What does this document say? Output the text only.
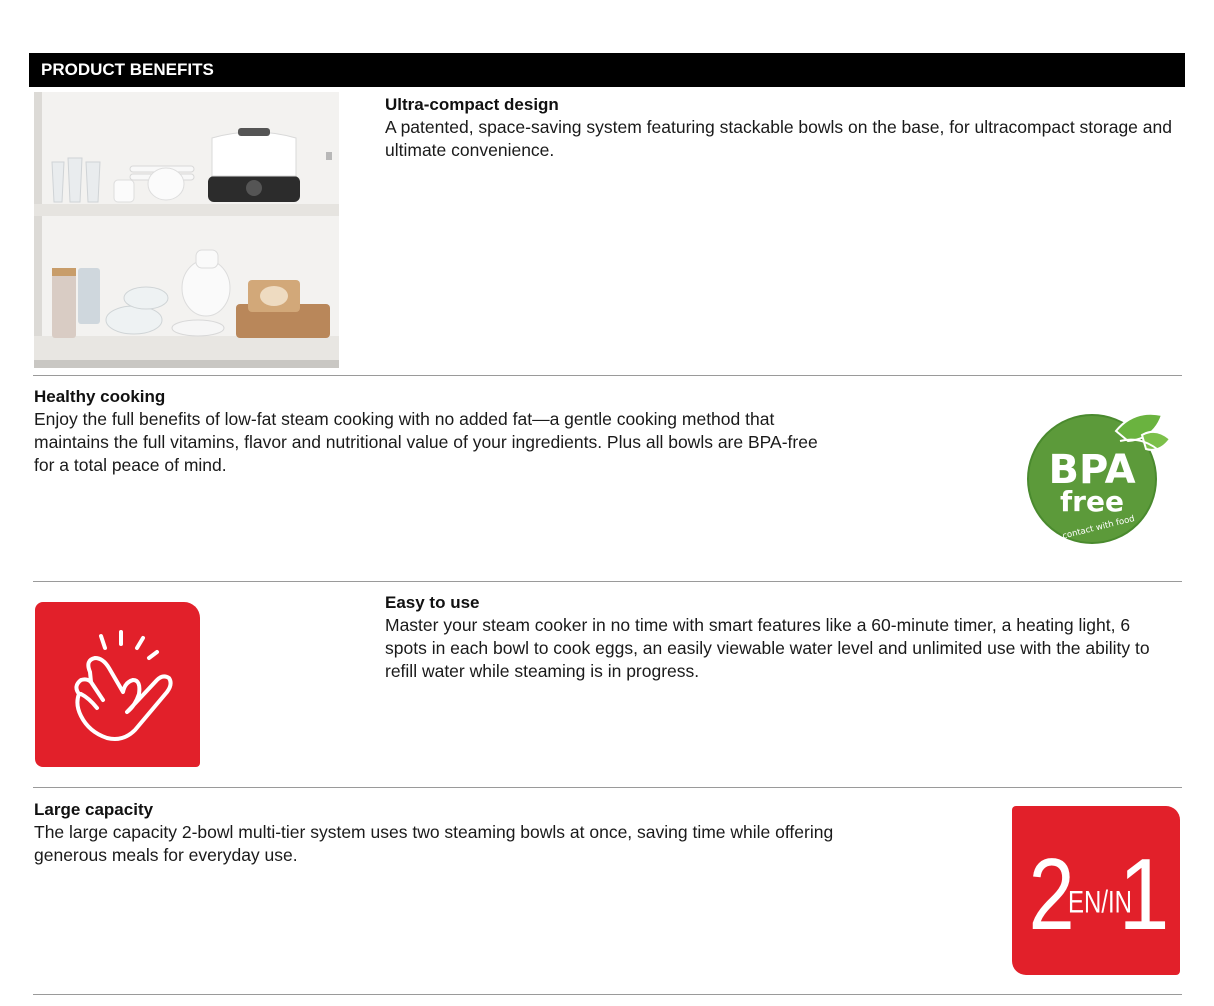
PRODUCT BENEFITS

Ultra-compact design

A patented, space-saving system featuring stackable bowls on the base, for ultracompact storage and ultimate convenience.

Healthy cooking

Enjoy the full benefits of low-fat steam cooking with no added fat—a gentle cooking method that maintains the full vitamins, flavor and nutritional value of your ingredients. Plus all bowls are BPA-free for a total peace of mind.	BPA
free
in contact with food

Easy to use

Master your steam cooker in no time with smart features like a 60-minute timer, a heating light, 6 spots in each bowl to cook eggs, an easily viewable water level and unlimited use with the ability to refill water while steaming is in progress.

Large capacity

The large capacity 2-bowl multi-tier system uses two steaming bowls at once, saving time while offering generous meals for everyday use.	2
EN/IN
1
